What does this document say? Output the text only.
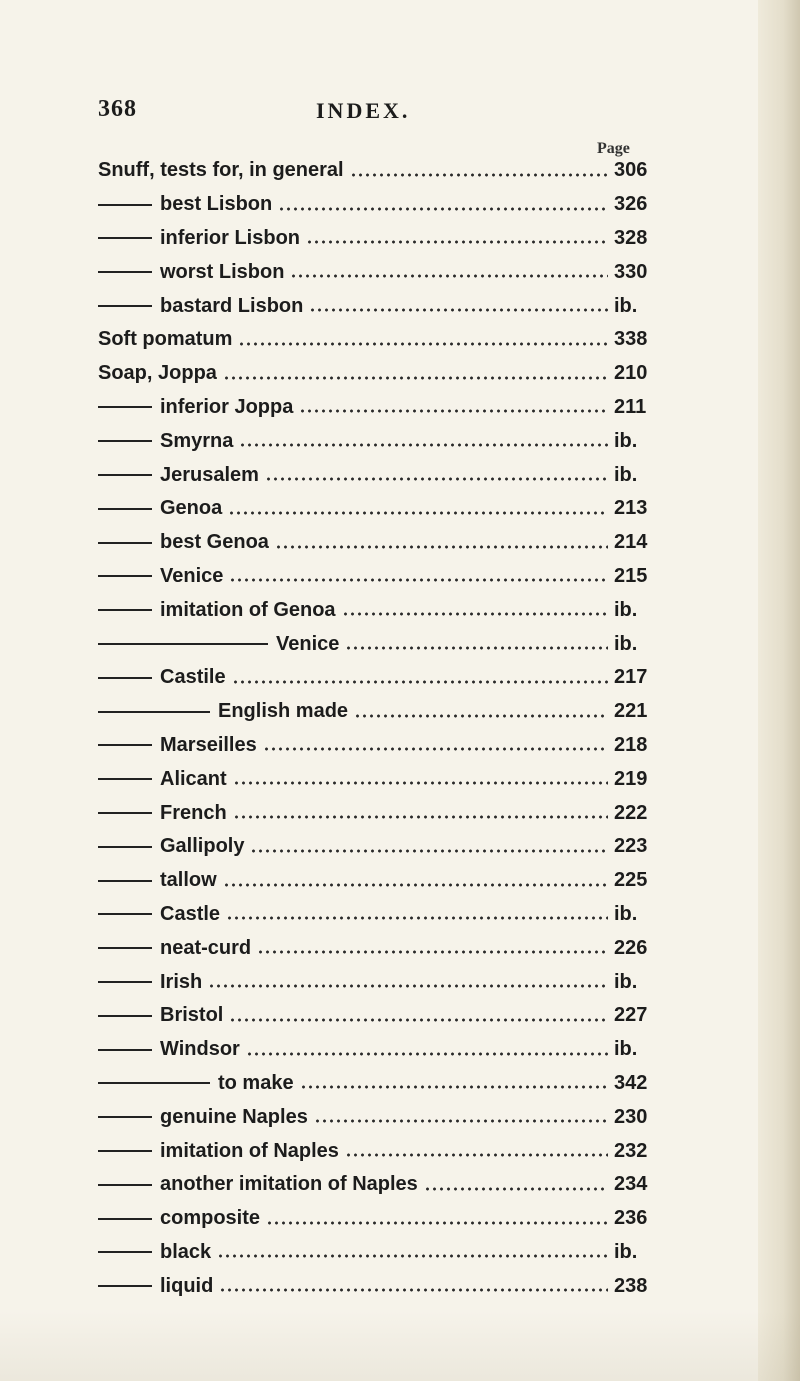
368	INDEX.
Page
Snuff, tests for, in general	306
best Lisbon	326
inferior Lisbon	328
worst Lisbon	330
bastard Lisbon	ib.
Soft pomatum	338
Soap, Joppa	210
inferior Joppa	211
Smyrna	ib.
Jerusalem	ib.
Genoa	213
best Genoa	214
Venice	215
imitation of Genoa	ib.
Venice	ib.
Castile	217
English made	221
Marseilles	218
Alicant	219
French	222
Gallipoly	223
tallow	225
Castle	ib.
neat-curd	226
Irish	ib.
Bristol	227
Windsor	ib.
to make	342
genuine Naples	230
imitation of Naples	232
another imitation of Naples	234
composite	236
black	ib.
liquid	238
